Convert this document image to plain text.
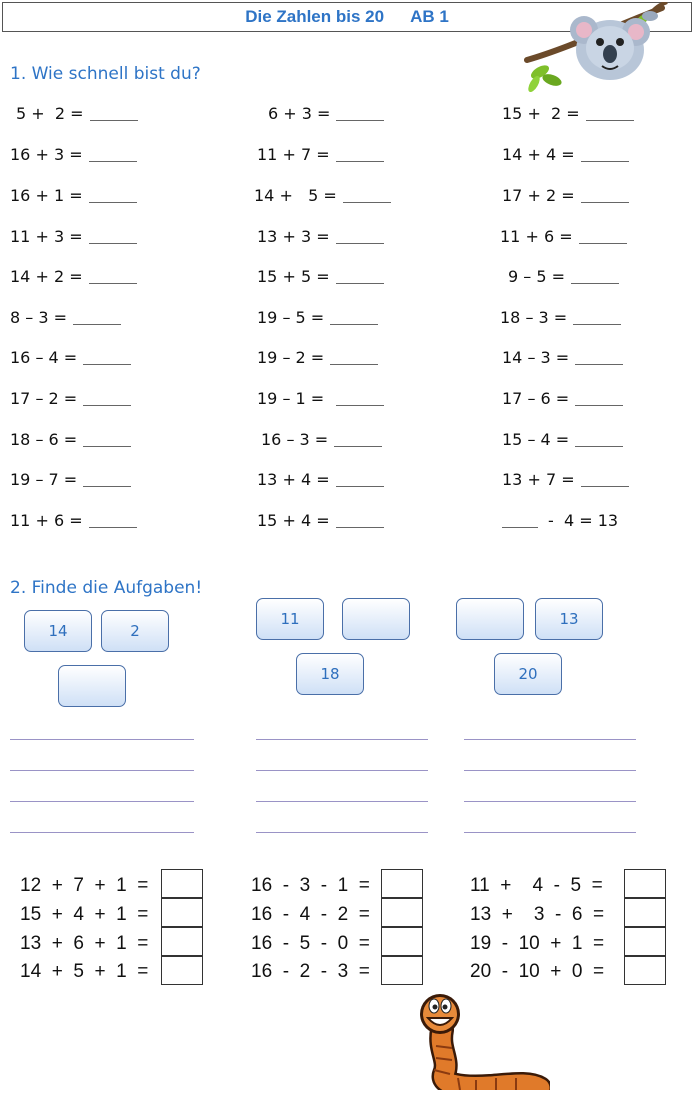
Die Zahlen bis 20 AB 1
1. Wie schnell bist du?
5 +  2 =
16 + 3 =
16 + 1 =
11 + 3 =
14 + 2 =
8 – 3 =
16 – 4 =
17 – 2 =
18 – 6 =
19 – 7 =
11 + 6 =
6 + 3 =
11 + 7 =
14 +   5 =
13 + 3 =
15 + 5 =
19 – 5 =
19 – 2 =
19 – 1 =
16 – 3 =
13 + 4 =
15 + 4 =
15 +  2 =
14 + 4 =
17 + 2 =
11 + 6 =
9 – 5 =
18 – 3 =
14 – 3 =
17 – 6 =
15 – 4 =
13 + 7 =
-  4 = 13
2. Finde die Aufgaben!
14	2
11
18
13
20
12  +  7  +  1  =
15  +  4  +  1  =
13  +  6  +  1  =
14  +  5  +  1  =
16  -  3  -  1  =
16  -  4  -  2  =
16  -  5  -  0  =
16  -  2  -  3  =
11  +    4  -  5  =
13  +    3  -  6  =
19  -  10  +  1  =
20  -  10  +  0  =
